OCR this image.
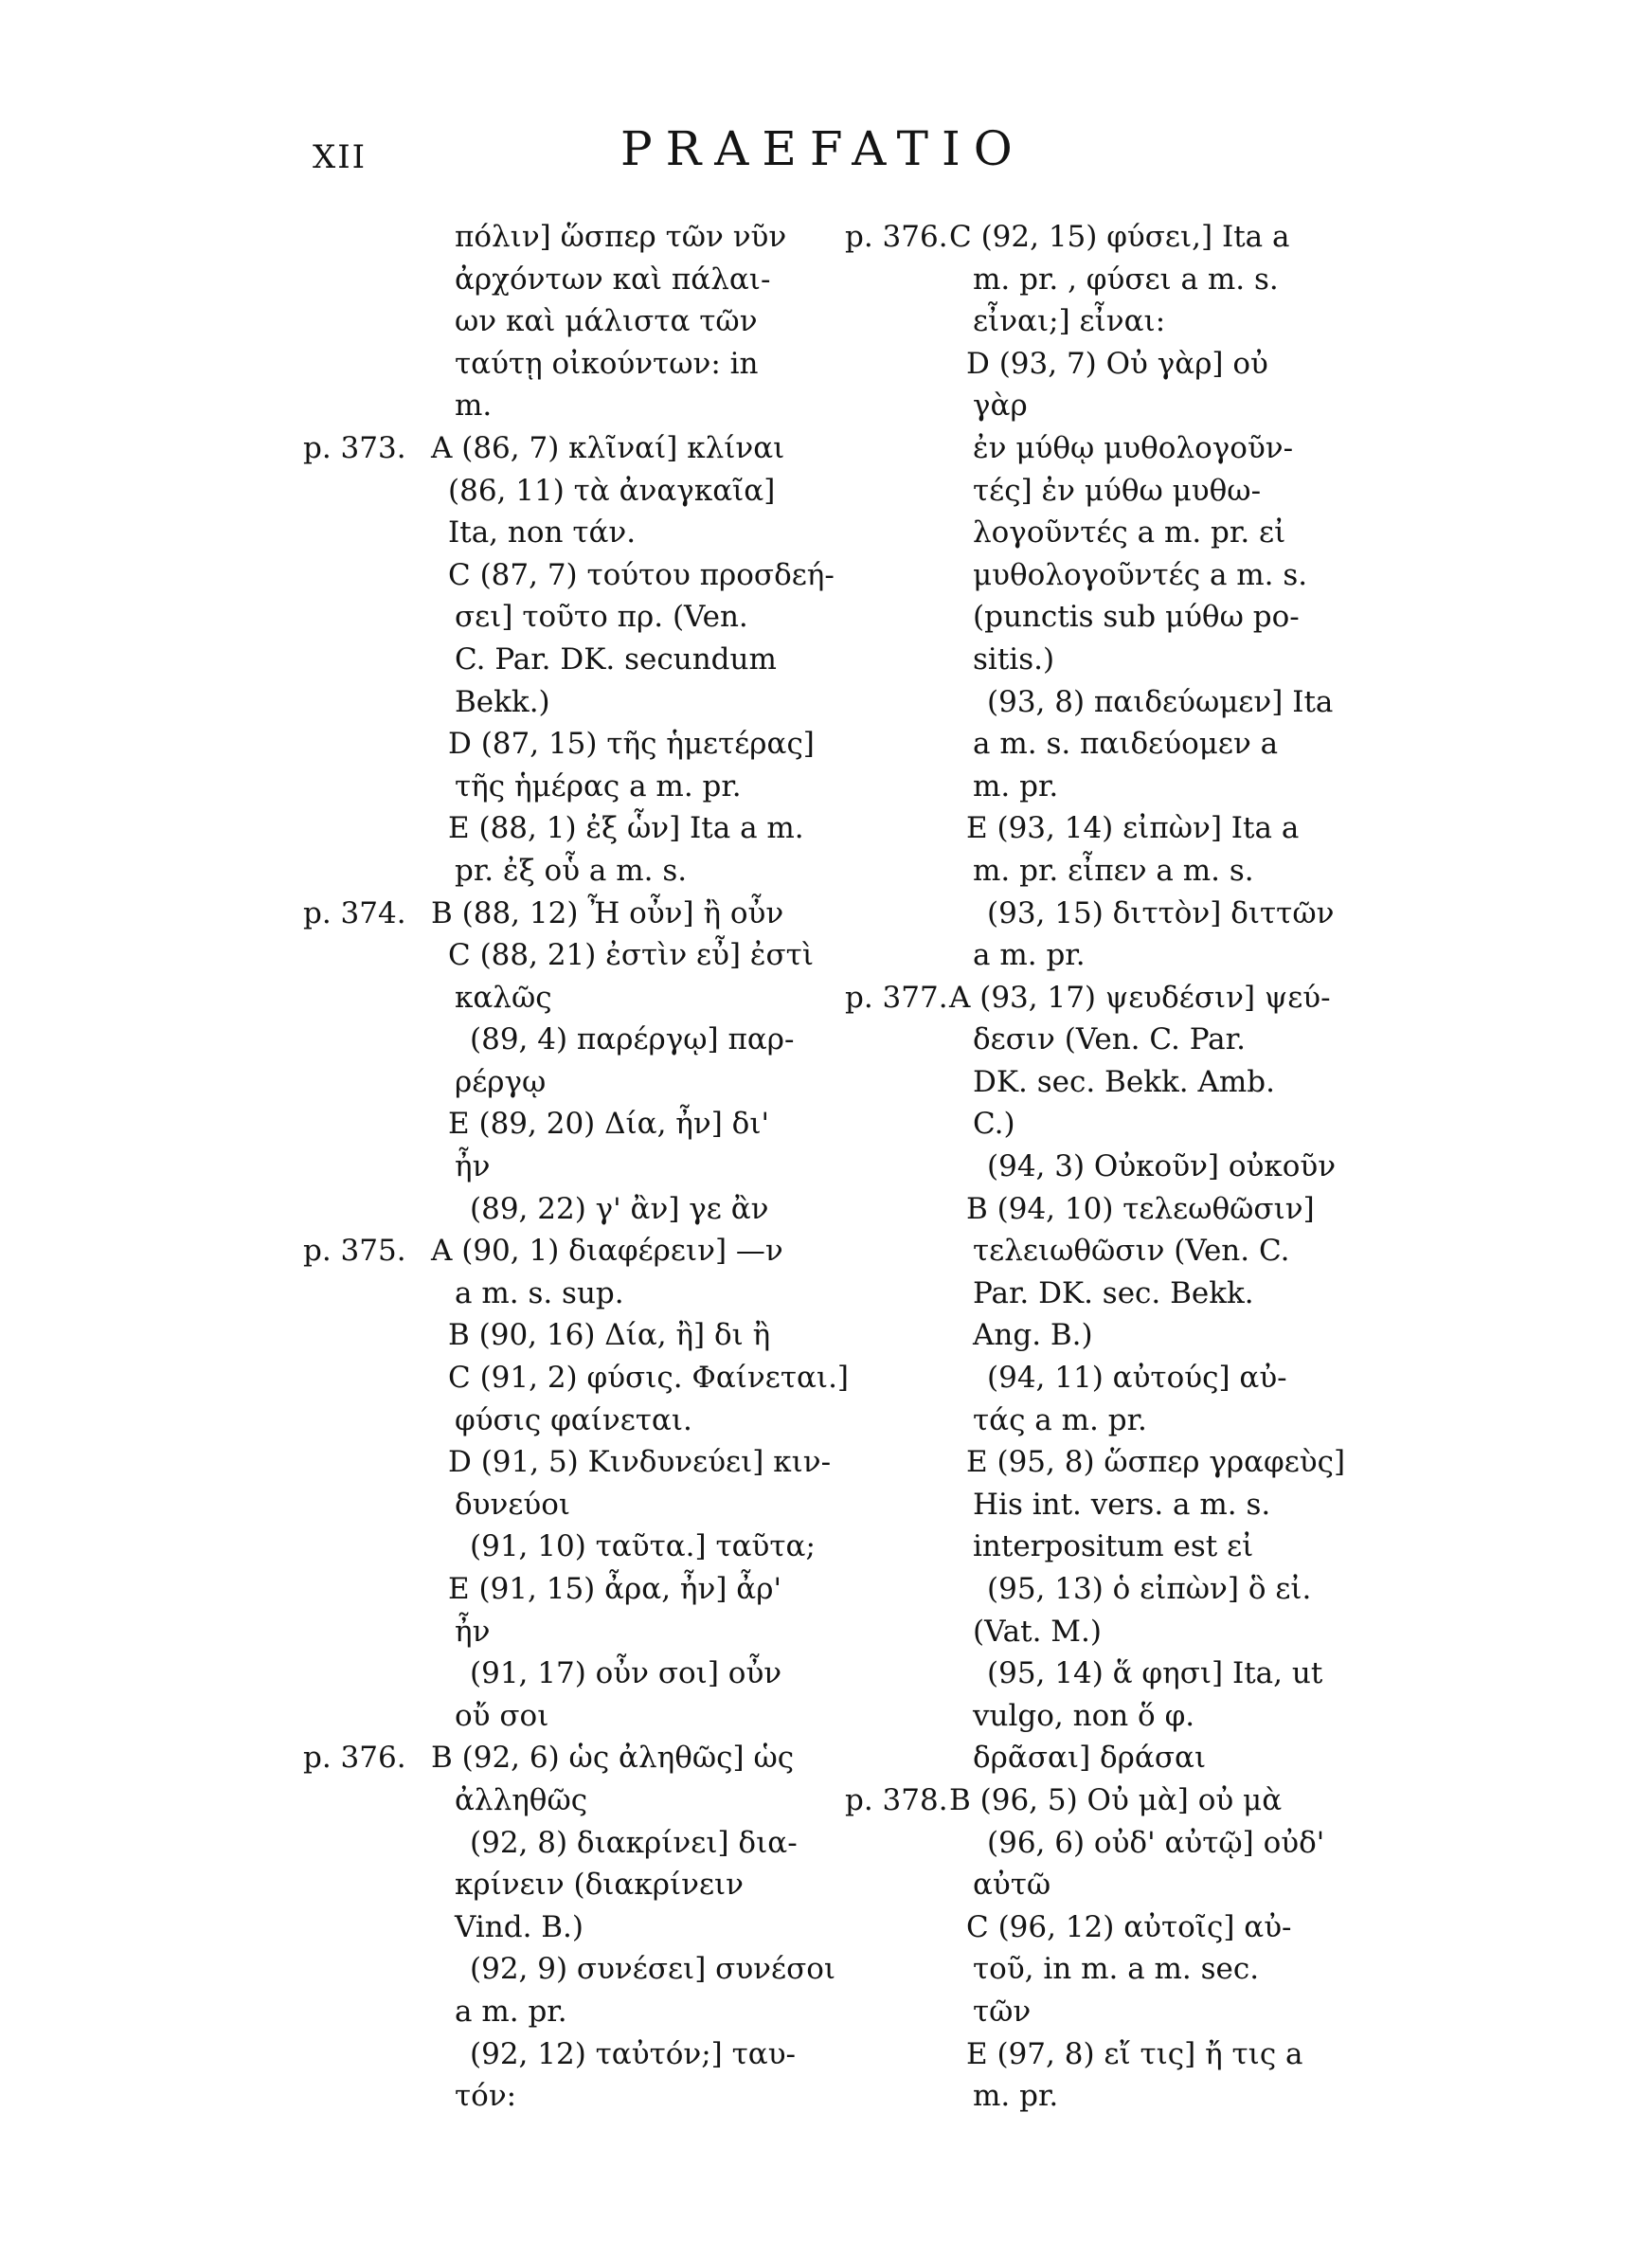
XII	PRAEFATIO
πόλιν] ὥσπερ τῶν νῦν
ἀρχόντων καὶ πάλαι-
ων καὶ μάλιστα τῶν
ταύτῃ οἰκούντων: in
m.
p. 373. A (86, 7) κλῖναί] κλίναι
(86, 11) τὰ ἀναγκαῖα]
Ita, non τάν.
C (87, 7) τούτου προσδεή-
σει] τοῦτο πρ. (Ven.
C. Par. DK. secundum
Bekk.)
D (87, 15) τῆς ἡμετέρας]
τῆς ἡμέρας a m. pr.
E (88, 1) ἐξ ὧν] Ita a m.
pr. ἐξ οὗ a m. s.
p. 374. B (88, 12) Ἦ οὖν] ἢ οὖν
C (88, 21) ἐστὶν εὖ] ἐστὶ
καλῶς
(89, 4) παρέργῳ] παρ-
ρέργῳ
E (89, 20) Δία, ἦν] δι'
ἦν
(89, 22) γ' ἂν] γε ἂν
p. 375. A (90, 1) διαφέρειν] —ν
a m. s. sup.
B (90, 16) Δία, ἢ] δι ἢ
C (91, 2) φύσις. Φαίνεται.]
φύσις φαίνεται.
D (91, 5) Κινδυνεύει] κιν-
δυνεύοι
(91, 10) ταῦτα.] ταῦτα;
E (91, 15) ἆρα, ἦν] ἆρ'
ἦν
(91, 17) οὖν σοι] οὖν
οὔ σοι
p. 376. B (92, 6) ὡς ἀληθῶς] ὡς
ἀλληθῶς
(92, 8) διακρίνει] δια-
κρίνειν (διακρίνειν
Vind. B.)
(92, 9) συνέσει] συνέσοι
a m. pr.
(92, 12) ταὐτόν;] ταυ-
τόν:
p. 376. C (92, 15) φύσει,] Ita a
m. pr. , φύσει a m. s.
εἶναι;] εἶναι:
D (93, 7) Οὐ γὰρ] οὐ
γὰρ
ἐν μύθῳ μυθολογοῦν-
τές] ἐν μύθω μυθω-
λογοῦντές a m. pr. εἰ
μυθολογοῦντές a m. s.
(punctis sub μύθω po-
sitis.)
(93, 8) παιδεύωμεν] Ita
a m. s. παιδεύομεν a
m. pr.
E (93, 14) εἰπὼν] Ita a
m. pr. εἶπεν a m. s.
(93, 15) διττὸν] διττῶν
a m. pr.
p. 377. A (93, 17) ψευδέσιν] ψεύ-
δεσιν (Ven. C. Par.
DK. sec. Bekk. Amb.
C.)
(94, 3) Οὐκοῦν] οὐκοῦν
B (94, 10) τελεωθῶσιν]
τελειωθῶσιν (Ven. C.
Par. DK. sec. Bekk.
Ang. B.)
(94, 11) αὐτούς] αὐ-
τάς a m. pr.
E (95, 8) ὥσπερ γραφεὺς]
His int. vers. a m. s.
interpositum est εἰ
(95, 13) ὁ εἰπὼν] ὃ εἰ.
(Vat. M.)
(95, 14) ἅ φησι] Ita, ut
vulgo, non ὅ φ.
δρᾶσαι] δράσαι
p. 378. B (96, 5) Οὐ μὰ] οὐ μὰ
(96, 6) οὐδ' αὐτῷ] οὐδ'
αὐτῶ
C (96, 12) αὐτοῖς] αὐ-
τοῦ, in m. a m. sec.
τῶν
E (97, 8) εἴ τις] ἤ τις a
m. pr.
